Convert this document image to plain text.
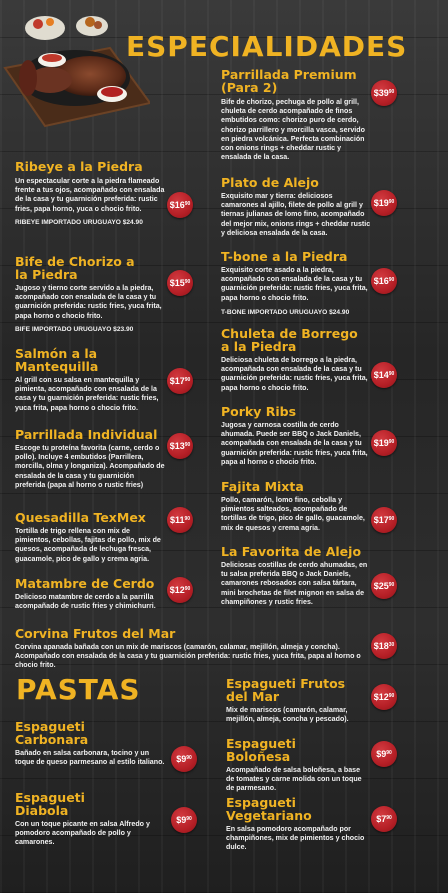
ESPECIALIDADES
PASTAS
Ribeye a la Piedra
Un espectacular corte a la piedra flameado frente a tus ojos, acompañado con ensalada de la casa y tu guarnición preferida: rustic fries, papa horno, yuca o chocio frito.
RIBEYE IMPORTADO URUGUAYO $24.90
$16 90
Bife de Chorizo a la Piedra
Jugoso y tierno corte servido a la piedra, acompañado con ensalada de la casa y tu guarnición preferida: rustic fries, yuca frita, papa horno o chocio frito.
BIFE IMPORTADO URUGUAYO $23.90
$15 90
Salmón a la Mantequilla
Al grill con su salsa en mantequilla y pimienta, acompañado con ensalada de la casa y tu guarnición preferida: rustic fries, yuca frita, papa horno o chocio frito.
$17 90
Parrillada Individual
Escoge tu proteína favorita (carne, cerdo o pollo). Incluye 4 embutidos (Parrillera, morcilla, olma y longaniza). Acompañado de ensalada de la casa y tu guarnición preferida (papa al horno o rustic fries)
$13 90
Quesadilla TexMex
Tortilla de trigo rellena con mix de pimientos, cebollas, fajitas de pollo, mix de quesos, acompañada de lechuga fresca, guacamole, pico de gallo y crema agria.
$11 90
Matambre de Cerdo
Delicioso matambre de cerdo a la parrilla acompañado de rustic fries y chimichurri.
$12 90
Parrillada Premium (Para 2)
Bife de chorizo, pechuga de pollo al grill, chuleta de cerdo acompañado de finos embutidos como: chorizo puro de cerdo, chorizo parrillero y morcilla vasca, servido en piedra volcánica. Perfecta combinación con onions rings + cheddar rustic y ensalada de la casa.
$39 90
Plato de Alejo
Exquisito mar y tierra: deliciosos camarones al ajillo, filete de pollo al grill y tiernas julianas de lomo fino, acompañado del mejor mix, onions rings + cheddar rustic y deliciosa ensalada de la casa.
$19 90
T-bone a la Piedra
Exquisito corte asado a la piedra, acompañado con ensalada de la casa y tu guarnición preferida: rustic fries, yuca frita, papa horno o chocio frito.
T-BONE IMPORTADO URUGUAYO $24.90
$16 90
Chuleta de Borrego a la Piedra
Deliciosa chuleta de borrego a la piedra, acompañada con ensalada de la casa y tu guarnición preferida: rustic fries, yuca frita, papa horno o chocio frito.
$14 90
Porky Ribs
Jugosa y carnosa costilla de cerdo ahumada. Puede ser BBQ o Jack Daniels, acompañada con ensalada de la casa y tu guarnición preferida: rustic fries, yuca frita, papa al horno o chocio frito.
$19 90
Fajita Mixta
Pollo, camarón, lomo fino, cebolla y pimientos salteados, acompañado de tortillas de trigo, pico de gallo, guacamole, mix de quesos y crema agria.
$17 90
La Favorita de Alejo
Deliciosas costillas de cerdo ahumadas, en tu salsa preferida BBQ o Jack Daniels, camarones rebosados con salsa tártara, mini brochetas de filet mignon en salsa de champiñones y rustic fries.
$25 90
Corvina Frutos del Mar
Corvina apanada bañada con un mix de mariscos (camarón, calamar, mejillón, almeja y concha). Acompañado con ensalada de la casa y tu guarnición preferida: rustic fries, yuca frita, papa al horno o chocio frito.
$18 30
Espagueti Carbonara
Bañado en salsa carbonara, tocino y un toque de queso parmesano al estilo italiano. $9 90
Espagueti Diabola
Con un toque picante en salsa Alfredo y pomodoro acompañado de pollo y camarones.
$9 90
Espagueti Frutos del Mar
Mix de mariscos (camarón, calamar, mejillón, almeja, concha y pescado).
$12 90
Espagueti Boloñesa
Acompañado de salsa boloñesa, a base de tomates y carne molida con un toque de parmesano.
$9 90
Espagueti Vegetariano
En salsa pomodoro acompañado por champiñones, mix de pimientos y chocio dulce.
$7 90
